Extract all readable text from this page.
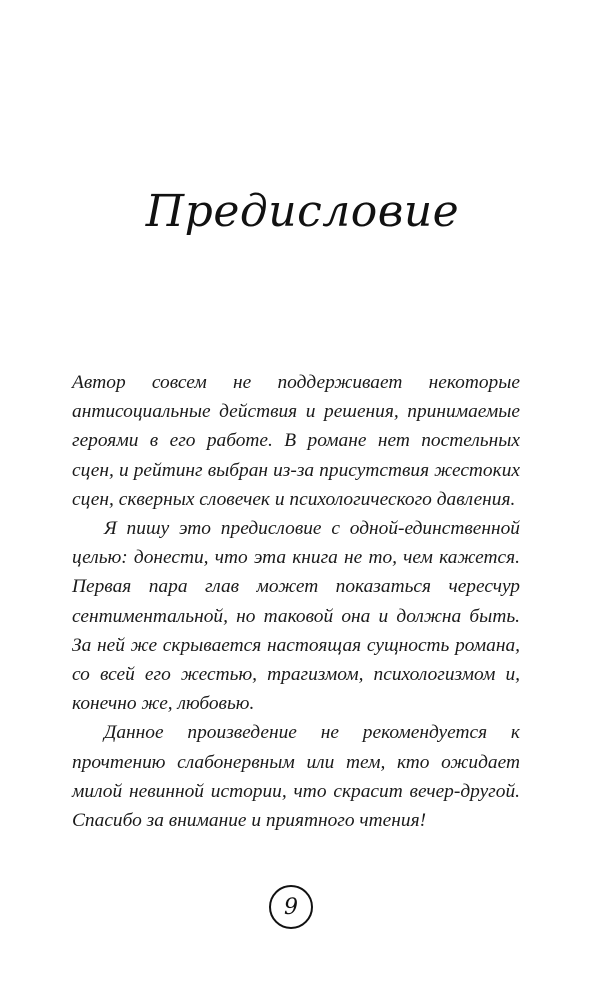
Предисловие

Автор совсем не поддерживает некоторые антисоциальные действия и решения, принимаемые героями в его работе. В романе нет постельных сцен, и рейтинг выбран из-за присутствия жестоких сцен, скверных словечек и психологического давления.

Я пишу это предисловие с одной-единственной целью: донести, что эта книга не то, чем кажется. Первая пара глав может показаться чересчур сентиментальной, но таковой она и должна быть. За ней же скрывается настоящая сущность романа, со всей его жестью, трагизмом, психологизмом и, конечно же, любовью.

Данное произведение не рекомендуется к прочтению слабонервным или тем, кто ожидает милой невинной истории, что скрасит вечер-другой. Спасибо за внимание и приятного чтения!

9
